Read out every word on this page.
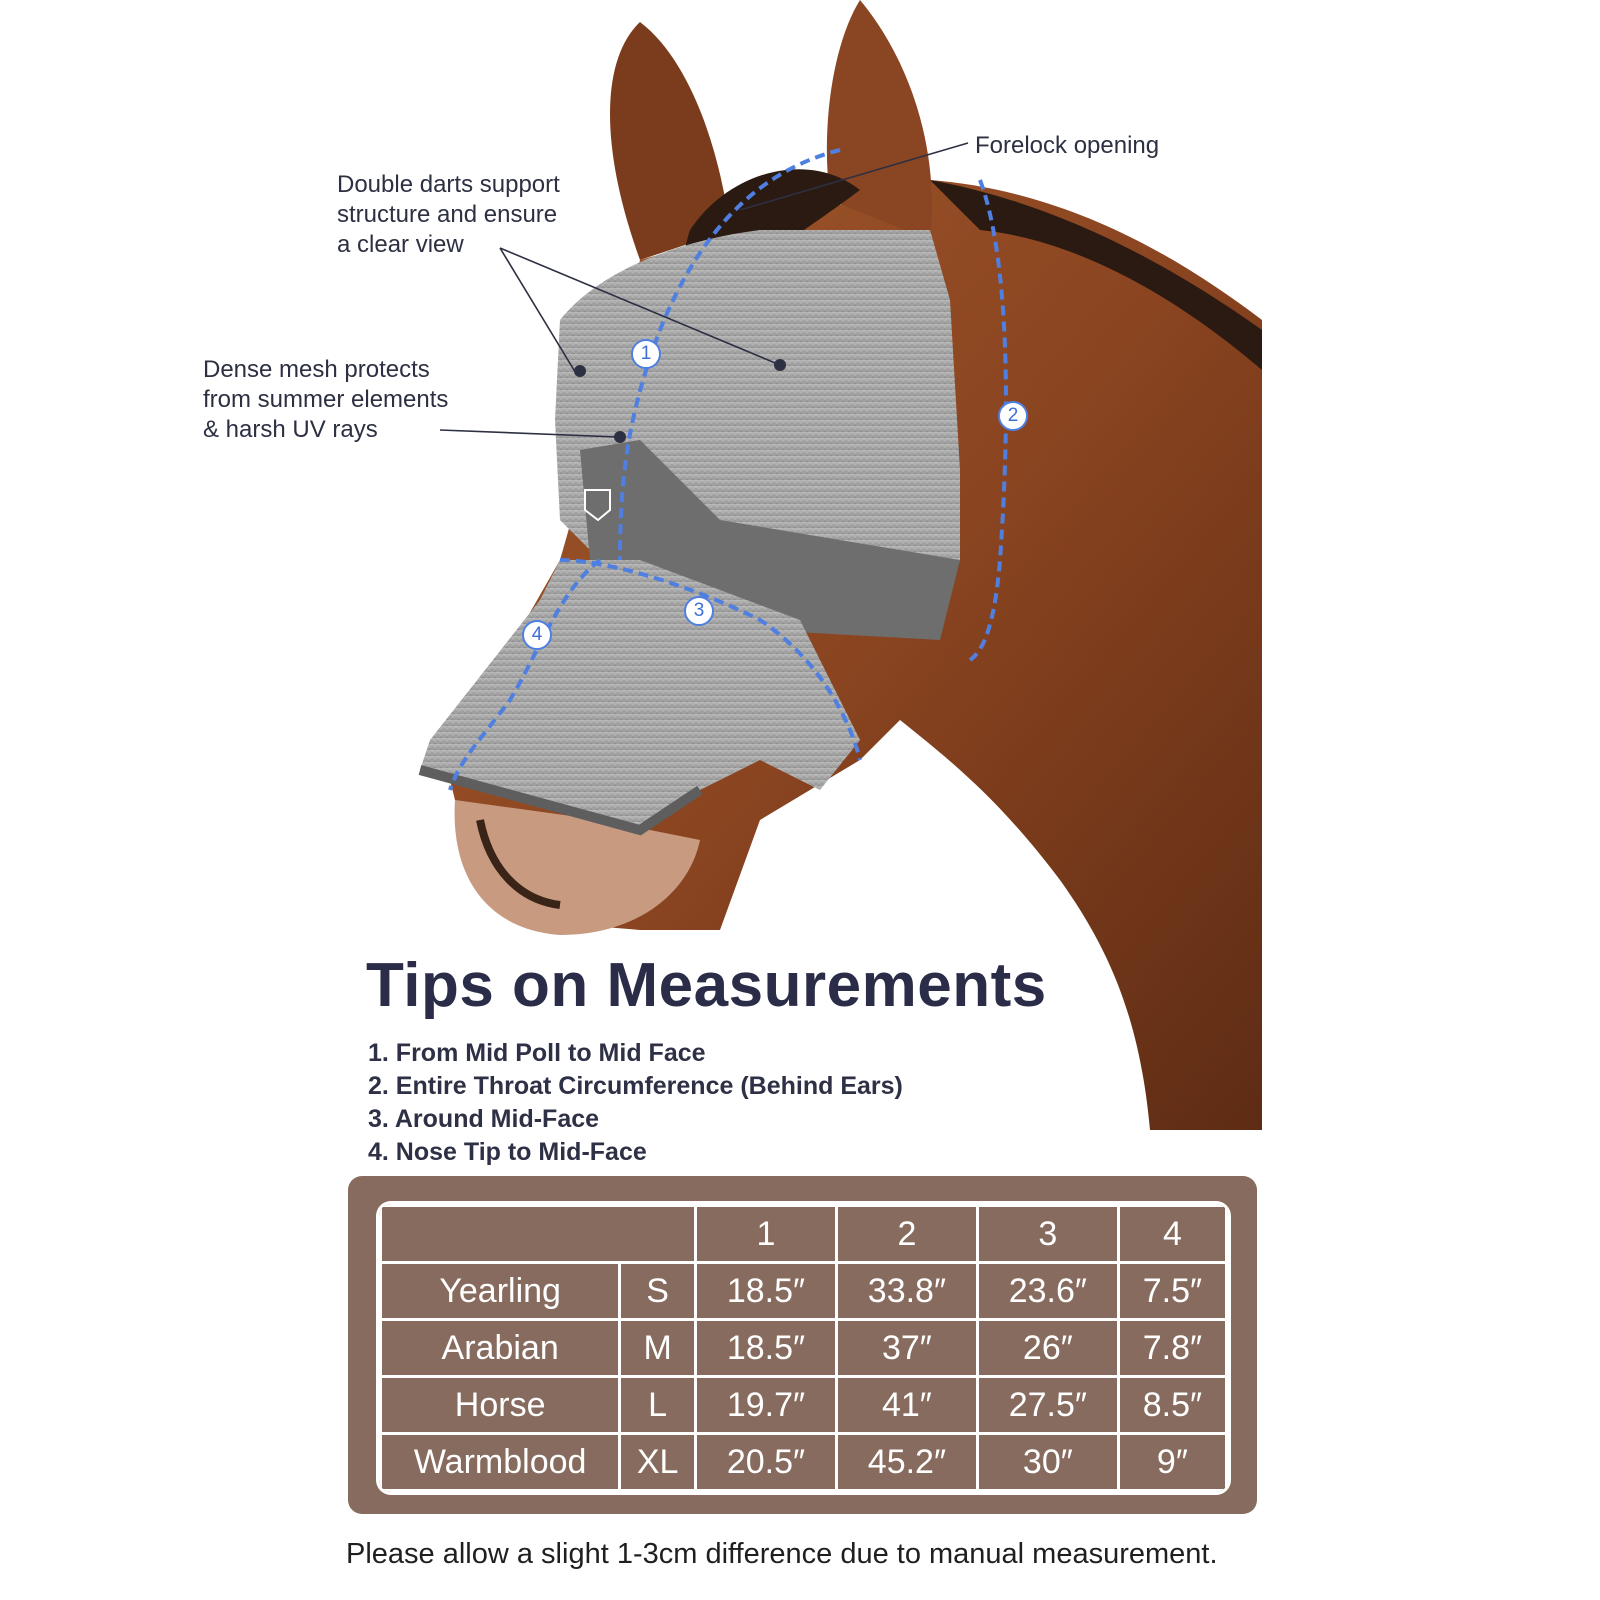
1
2
3
4
Double darts support
structure and ensure
a clear view
Dense mesh protects
from summer elements
& harsh UV rays
Forelock opening
Tips on Measurements
1. From Mid Poll to Mid Face
2. Entire Throat Circumference (Behind Ears)
3. Around Mid-Face
4. Nose Tip to Mid-Face
		1	2	3	4
Yearling	S	18.5″	33.8″	23.6″	7.5″
Arabian	M	18.5″	37″	26″	7.8″
Horse	L	19.7″	41″	27.5″	8.5″
Warmblood	XL	20.5″	45.2″	30″	9″
Please allow a slight 1-3cm difference due to manual measurement.
